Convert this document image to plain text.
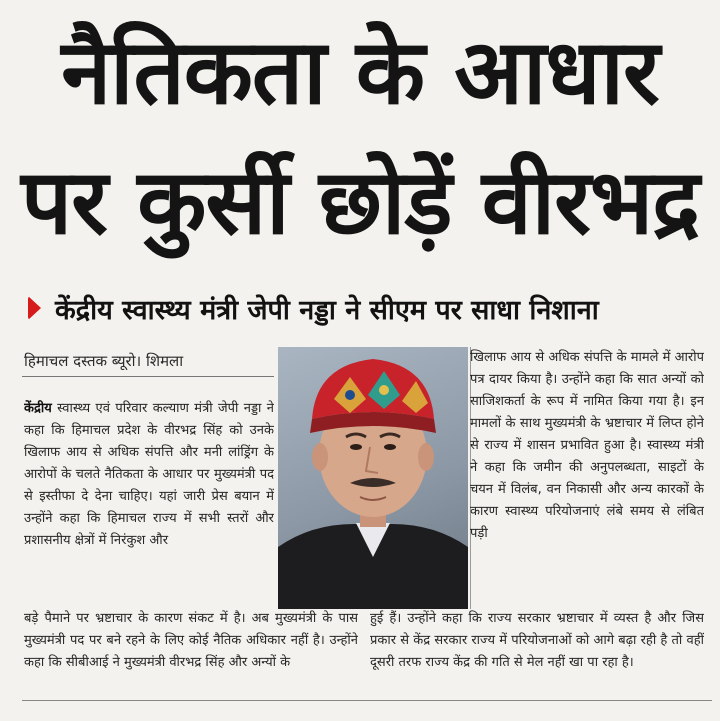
नैतिकता के आधार
पर कुर्सी छोड़ें वीरभद्र
केंद्रीय स्वास्थ्य मंत्री जेपी नड्डा ने सीएम पर साधा निशाना
हिमाचल दस्तक ब्यूरो। शिमला
केंद्रीय स्वास्थ्य एवं परिवार कल्याण मंत्री जेपी नड्डा ने कहा कि हिमाचल प्रदेश के वीरभद्र सिंह को उनके खिलाफ आय से अधिक संपत्ति और मनी लांड्रिंग के आरोपों के चलते नैतिकता के आधार पर मुख्यमंत्री पद से इस्तीफा दे देना चाहिए। यहां जारी प्रेस बयान में उन्होंने कहा कि हिमाचल राज्य में सभी स्तरों और प्रशासनीय क्षेत्रों में निरंकुश और
खिलाफ आय से अधिक संपत्ति के मामले में आरोप पत्र दायर किया है। उन्होंने कहा कि सात अन्यों को साजिशकर्ता के रूप में नामित किया गया है। इन मामलों के साथ मुख्यमंत्री के भ्रष्टाचार में लिप्त होने से राज्य में शासन प्रभावित हुआ है। स्वास्थ्य मंत्री ने कहा कि जमीन की अनुपलब्धता, साइटों के चयन में विलंब, वन निकासी और अन्य कारकों के कारण स्वास्थ्य परियोजनाएं लंबे समय से लंबित पड़ी
बड़े पैमाने पर भ्रष्टाचार के कारण संकट में है। अब मुख्यमंत्री के पास मुख्यमंत्री पद पर बने रहने के लिए कोई नैतिक अधिकार नहीं है। उन्होंने कहा कि सीबीआई ने मुख्यमंत्री वीरभद्र सिंह और अन्यों के
हुई हैं। उन्होंने कहा कि राज्य सरकार भ्रष्टाचार में व्यस्त है और जिस प्रकार से केंद्र सरकार राज्य में परियोजनाओं को आगे बढ़ा रही है तो वहीं दूसरी तरफ राज्य केंद्र की गति से मेल नहीं खा पा रहा है।
